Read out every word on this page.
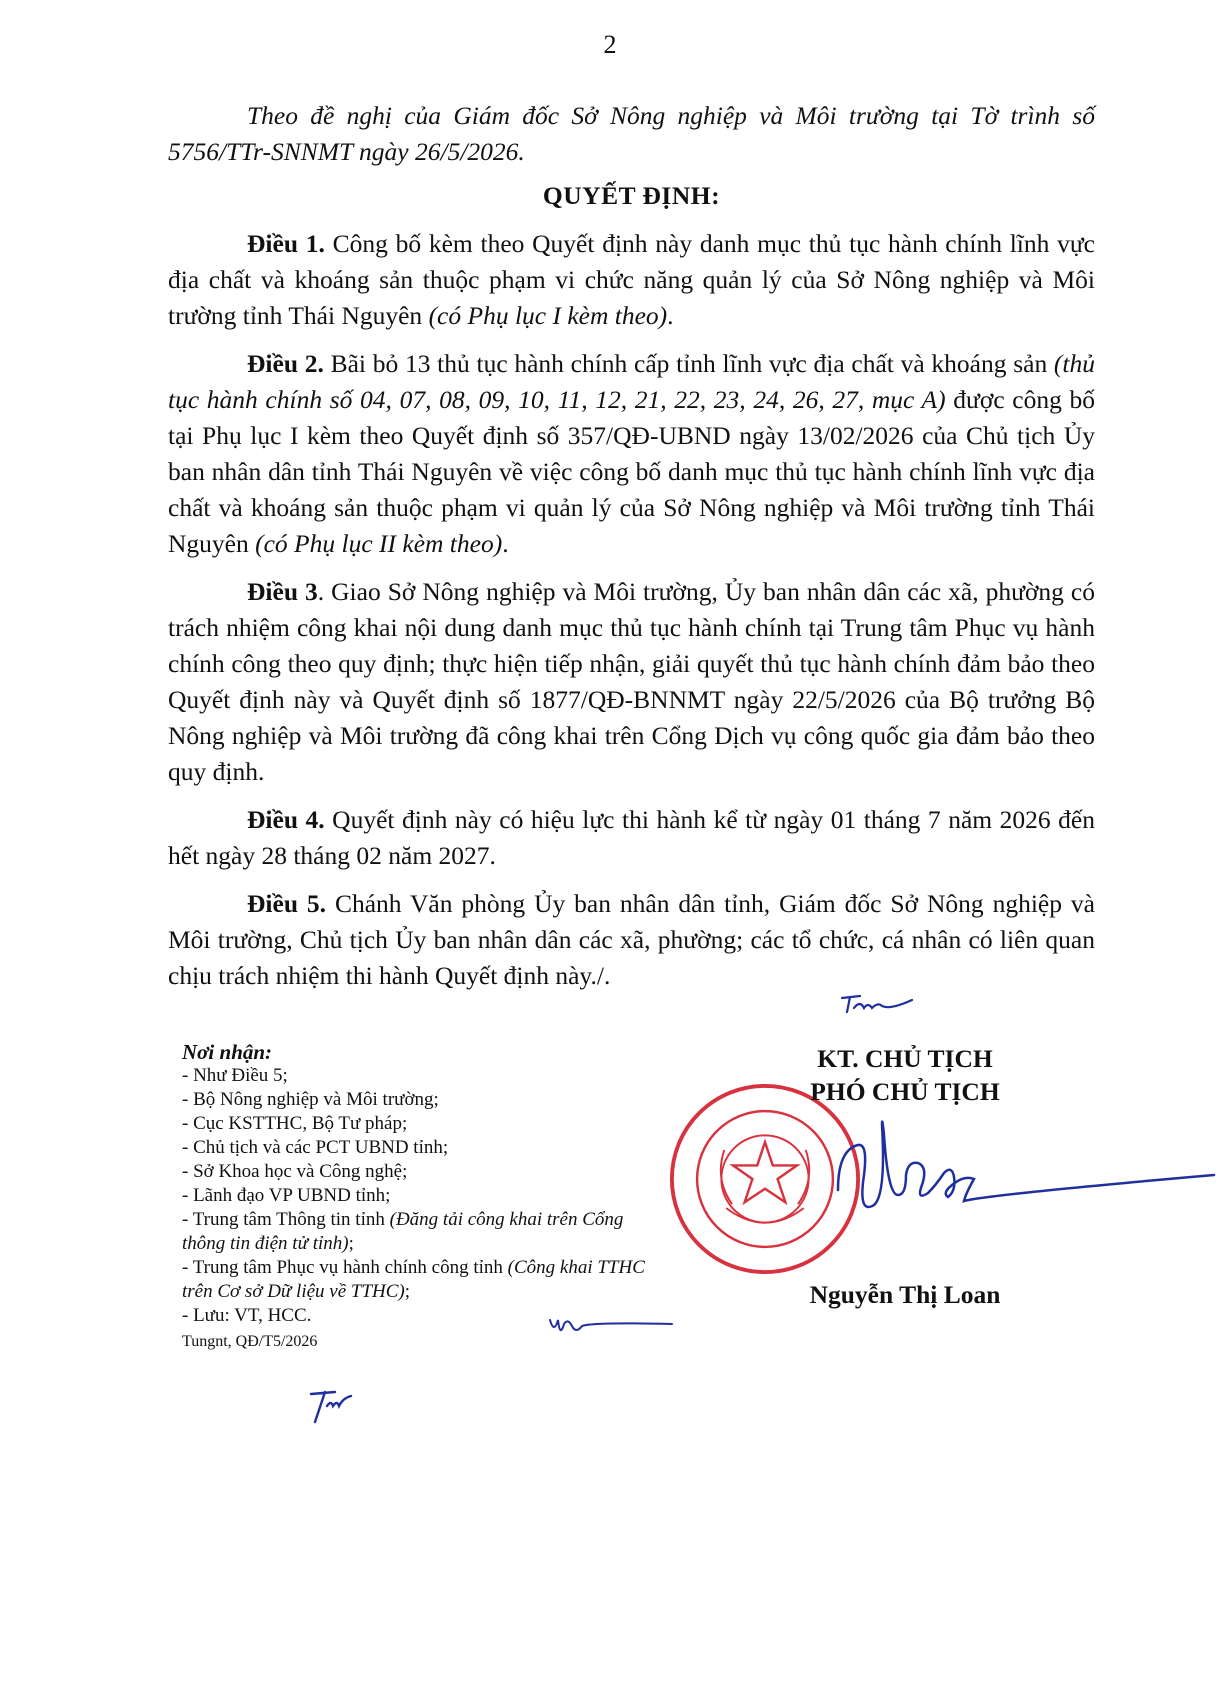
2

Theo đề nghị của Giám đốc Sở Nông nghiệp và Môi trường tại Tờ trình số 5756/TTr-SNNMT ngày 26/5/2026.

QUYẾT ĐỊNH:

Điều 1. Công bố kèm theo Quyết định này danh mục thủ tục hành chính lĩnh vực địa chất và khoáng sản thuộc phạm vi chức năng quản lý của Sở Nông nghiệp và Môi trường tỉnh Thái Nguyên (có Phụ lục I kèm theo).

Điều 2. Bãi bỏ 13 thủ tục hành chính cấp tỉnh lĩnh vực địa chất và khoáng sản (thủ tục hành chính số 04, 07, 08, 09, 10, 11, 12, 21, 22, 23, 24, 26, 27, mục A) được công bố tại Phụ lục I kèm theo Quyết định số 357/QĐ-UBND ngày 13/02/2026 của Chủ tịch Ủy ban nhân dân tỉnh Thái Nguyên về việc công bố danh mục thủ tục hành chính lĩnh vực địa chất và khoáng sản thuộc phạm vi quản lý của Sở Nông nghiệp và Môi trường tỉnh Thái Nguyên (có Phụ lục II kèm theo).

Điều 3. Giao Sở Nông nghiệp và Môi trường, Ủy ban nhân dân các xã, phường có trách nhiệm công khai nội dung danh mục thủ tục hành chính tại Trung tâm Phục vụ hành chính công theo quy định; thực hiện tiếp nhận, giải quyết thủ tục hành chính đảm bảo theo Quyết định này và Quyết định số 1877/QĐ-BNNMT ngày 22/5/2026 của Bộ trưởng Bộ Nông nghiệp và Môi trường đã công khai trên Cổng Dịch vụ công quốc gia đảm bảo theo quy định.

Điều 4. Quyết định này có hiệu lực thi hành kể từ ngày 01 tháng 7 năm 2026 đến hết ngày 28 tháng 02 năm 2027.

Điều 5. Chánh Văn phòng Ủy ban nhân dân tỉnh, Giám đốc Sở Nông nghiệp và Môi trường, Chủ tịch Ủy ban nhân dân các xã, phường; các tổ chức, cá nhân có liên quan chịu trách nhiệm thi hành Quyết định này./.

Nơi nhận:
- Như Điều 5;
- Bộ Nông nghiệp và Môi trường;
- Cục KSTTHC, Bộ Tư pháp;
- Chủ tịch và các PCT UBND tỉnh;
- Sở Khoa học và Công nghệ;
- Lãnh đạo VP UBND tỉnh;
- Trung tâm Thông tin tỉnh (Đăng tải công khai trên Cổng thông tin điện tử tỉnh);
- Trung tâm Phục vụ hành chính công tỉnh (Công khai TTHC trên Cơ sở Dữ liệu về TTHC);
- Lưu: VT, HCC.
Tungnt, QĐ/T5/2026
KT. CHỦ TỊCH
PHÓ CHỦ TỊCH
Nguyễn Thị Loan
